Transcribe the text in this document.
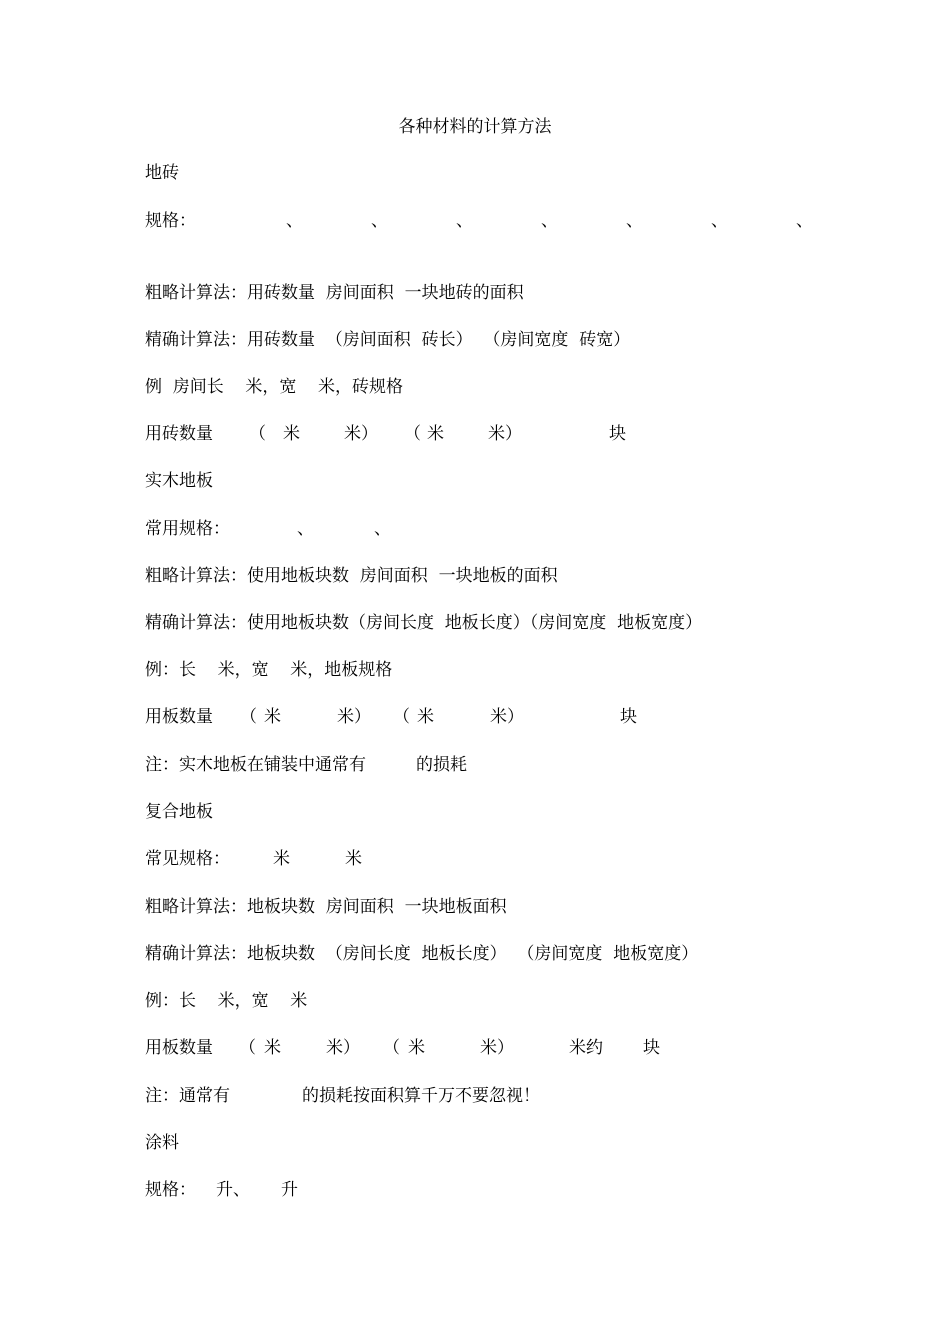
各种材料的计算方法

地砖

规格：

	、

	、

	、

	、

	、

	、

	、

粗略计算法：用砖数量  房间面积  一块地砖的面积

精确计算法：用砖数量  （房间面积  砖长）  （房间宽度  砖宽）

例  房间长    米，宽    米，砖规格

用砖数量

（

米

	米）

（

米

	米）

	块

实木地板

常用规格：

	、

	、

粗略计算法：使用地板块数  房间面积  一块地板的面积

精确计算法：使用地板块数（房间长度  地板长度）（房间宽度  地板宽度）

例：长    米，宽    米，地板规格

用板数量

（

米

	米）

（

米

	米）

	块

注：实木地板在铺装中通常有

	的损耗

复合地板

常见规格：

	米

	米

粗略计算法：地板块数  房间面积  一块地板面积

精确计算法：地板块数  （房间长度  地板长度）  （房间宽度  地板宽度）

例：长    米，宽    米

用板数量

（

米

	米）

（

米

	米）

	米约

块

注：通常有

	的损耗按面积算千万不要忽视！

涂料

规格：

升、

升
